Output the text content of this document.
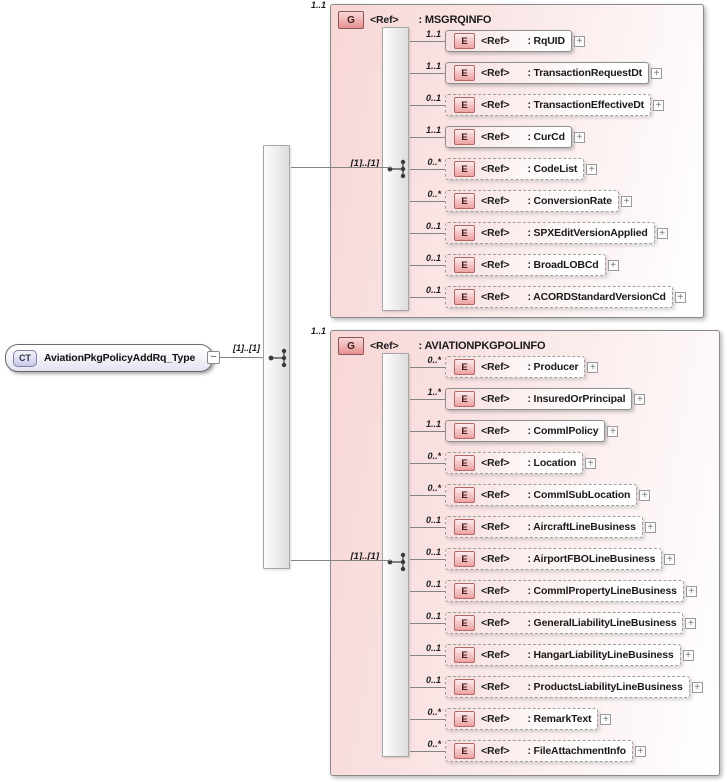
CT	AviationPkgPolicyAddRq_Type −
[1]..[1]
1..1
G	<Ref> : MSGRQINFO
[1]..[1]
1..1
E	<Ref> : RqUID +
1..1
E	<Ref> : TransactionRequestDt +
0..1
E	<Ref> : TransactionEffectiveDt +
1..1
E	<Ref> : CurCd +
0..*
E	<Ref> : CodeList +
0..*
E	<Ref> : ConversionRate +
0..1
E	<Ref> : SPXEditVersionApplied +
0..1
E	<Ref> : BroadLOBCd +
0..1
E	<Ref> : ACORDStandardVersionCd +
1..1
G	<Ref> : AVIATIONPKGPOLINFO
[1]..[1]
0..*
E	<Ref> : Producer +
1..*
E	<Ref> : InsuredOrPrincipal +
1..1
E	<Ref> : CommlPolicy +
0..*
E	<Ref> : Location +
0..*
E	<Ref> : CommlSubLocation +
0..1
E	<Ref> : AircraftLineBusiness +
0..1
E	<Ref> : AirportFBOLineBusiness +
0..1
E	<Ref> : CommlPropertyLineBusiness +
0..1
E	<Ref> : GeneralLiabilityLineBusiness +
0..1
E	<Ref> : HangarLiabilityLineBusiness +
0..1
E	<Ref> : ProductsLiabilityLineBusiness +
0..*
E	<Ref> : RemarkText +
0..*
E	<Ref> : FileAttachmentInfo +
